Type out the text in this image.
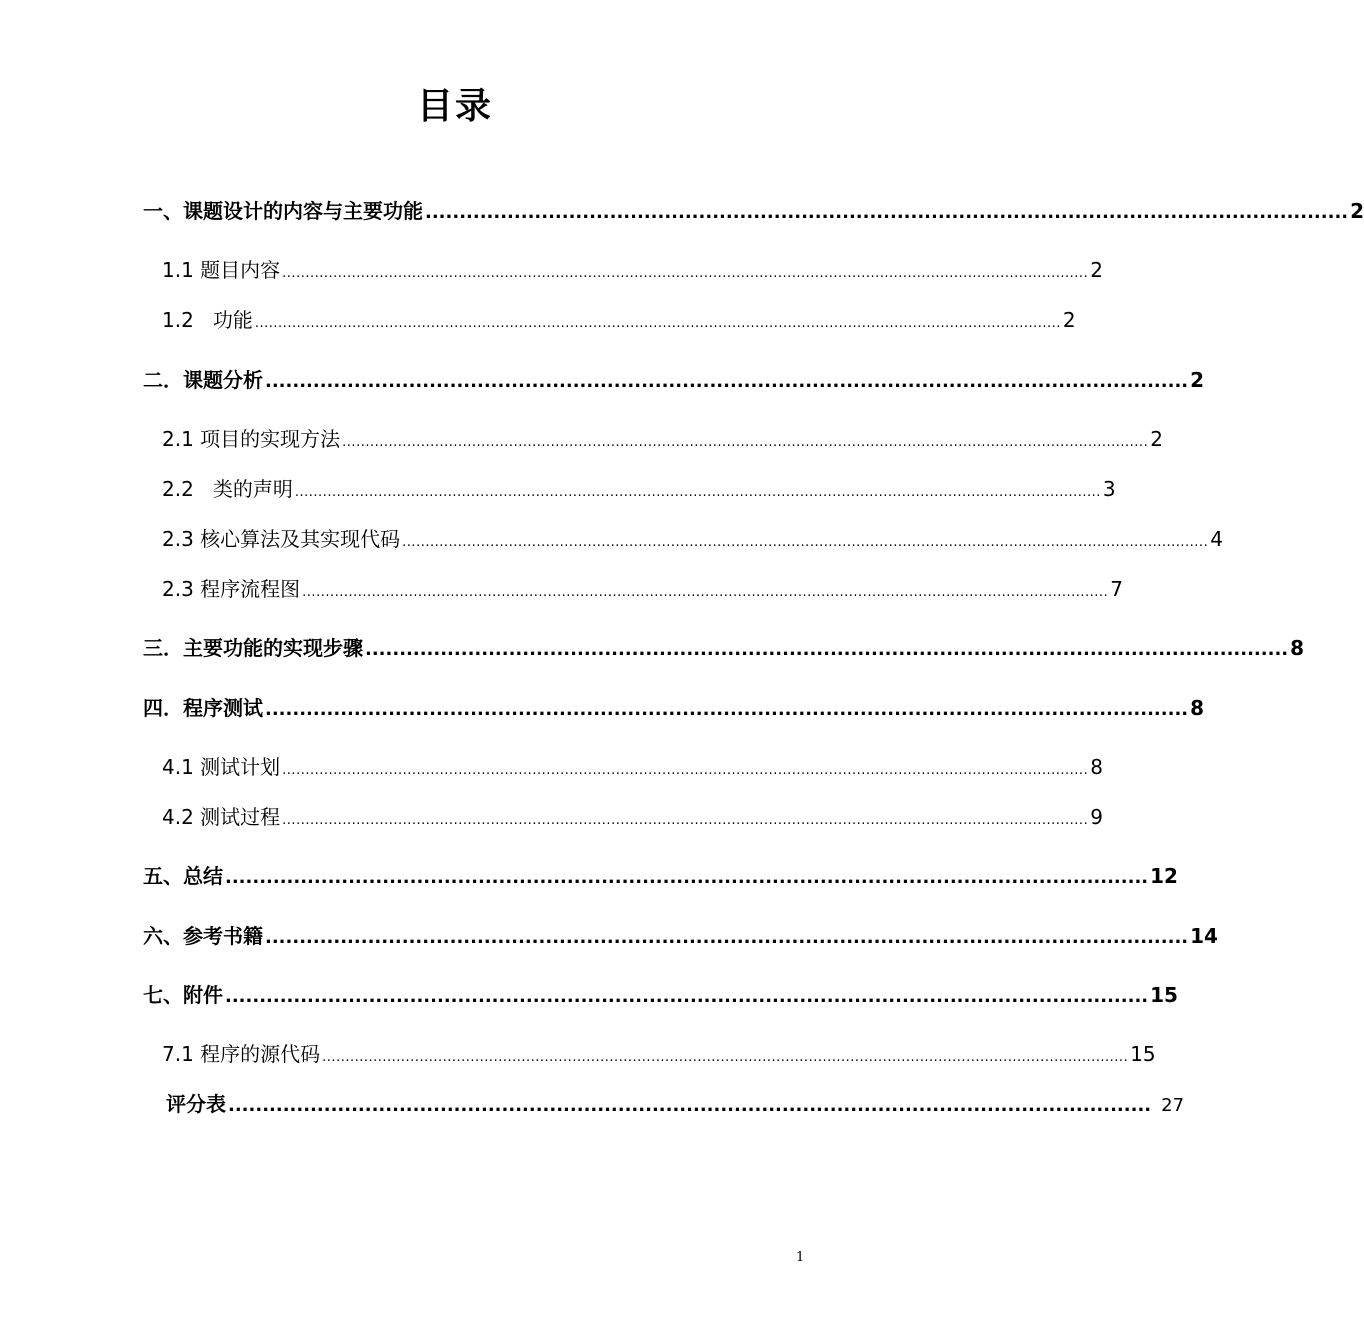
目录
一、课题设计的内容与主要功能 ....................................................................................................................................... 2
1.1 题目内容 .............................................................................................................................................................................. 2
1.2   功能 .............................................................................................................................................................................. 2
二．课题分析 ....................................................................................................................................... 2
2.1 项目的实现方法 .............................................................................................................................................................................. 2
2.2   类的声明 .............................................................................................................................................................................. 3
2.3 核心算法及其实现代码 .............................................................................................................................................................................. 4
2.3 程序流程图 .............................................................................................................................................................................. 7
三．主要功能的实现步骤 ....................................................................................................................................... 8
四．程序测试 ....................................................................................................................................... 8
4.1 测试计划 .............................................................................................................................................................................. 8
4.2 测试过程 .............................................................................................................................................................................. 9
五、总结 ....................................................................................................................................... 12
六、参考书籍 ....................................................................................................................................... 14
七、附件 ....................................................................................................................................... 15
7.1 程序的源代码 .............................................................................................................................................................................. 15
评分表 ....................................................................................................................................... 27
1
